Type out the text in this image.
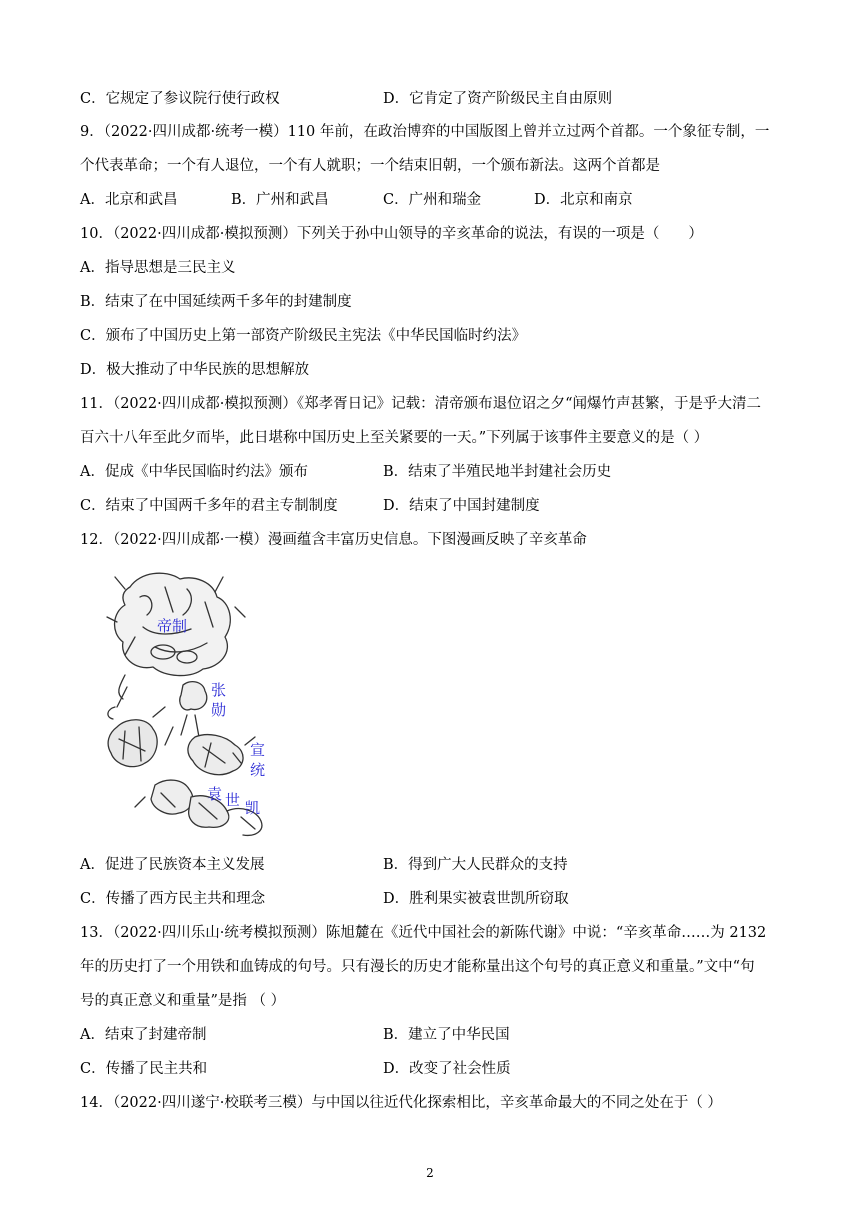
C．它规定了参议院行使行政权	D．它肯定了资产阶级民主自由原则
9．（2022·四川成都·统考一模）110 年前，在政治博弈的中国版图上曾并立过两个首都。一个象征专制，一
个代表革命；一个有人退位，一个有人就职；一个结束旧朝，一个颁布新法。这两个首都是
A．北京和武昌	B．广州和武昌	C．广州和瑞金	D．北京和南京
10．（2022·四川成都·模拟预测）下列关于孙中山领导的辛亥革命的说法，有误的一项是（　　）
A．指导思想是三民主义
B．结束了在中国延续两千多年的封建制度
C．颁布了中国历史上第一部资产阶级民主宪法《中华民国临时约法》
D．极大推动了中华民族的思想解放
11．（2022·四川成都·模拟预测）《郑孝胥日记》记载：清帝颁布退位诏之夕“闻爆竹声甚繁，于是乎大清二
百六十八年至此夕而毕，此日堪称中国历史上至关紧要的一天。”下列属于该事件主要意义的是（ ）
A．促成《中华民国临时约法》颁布	B．结束了半殖民地半封建社会历史
C．结束了中国两千多年的君主专制制度	D．结束了中国封建制度
12．（2022·四川成都·一模）漫画蕴含丰富历史信息。下图漫画反映了辛亥革命
帝制
张
勋
宣
统
袁 世 凯
A．促进了民族资本主义发展	B．得到广大人民群众的支持
C．传播了西方民主共和理念	D．胜利果实被袁世凯所窃取
13．（2022·四川乐山·统考模拟预测）陈旭麓在《近代中国社会的新陈代谢》中说：“辛亥革命……为 2132
年的历史打了一个用铁和血铸成的句号。只有漫长的历史才能称量出这个句号的真正意义和重量。”文中“句
号的真正意义和重量”是指 （ ）
A．结束了封建帝制	B．建立了中华民国
C．传播了民主共和	D．改变了社会性质
14．（2022·四川遂宁·校联考三模）与中国以往近代化探索相比，辛亥革命最大的不同之处在于（ ）
2
